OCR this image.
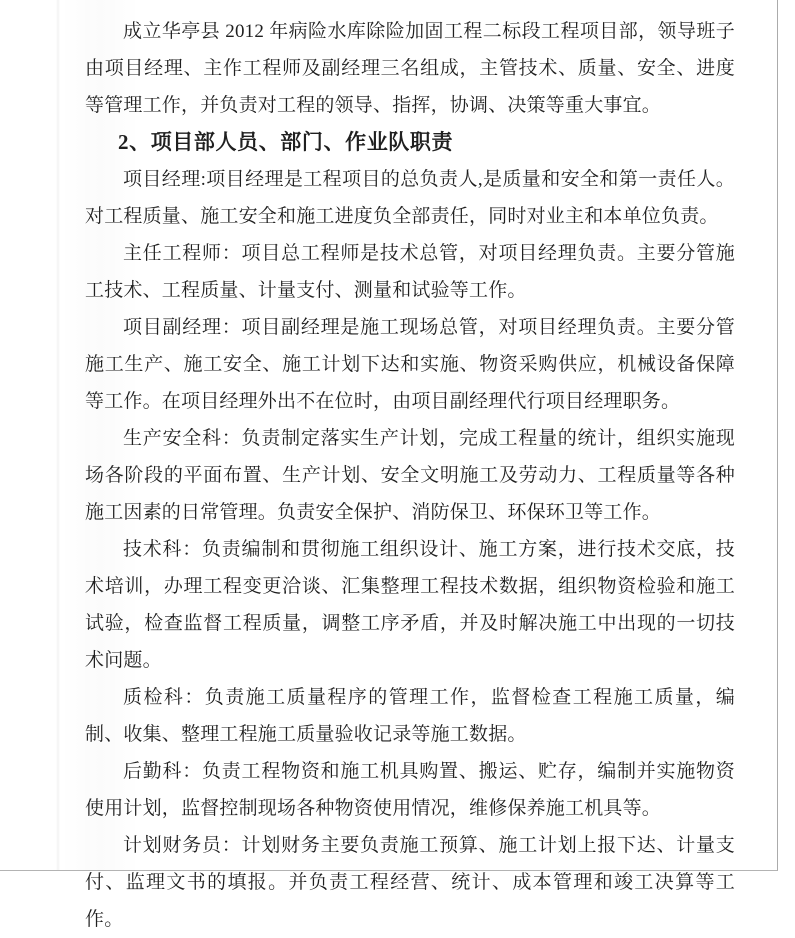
成立华亭县 2012 年病险水库除险加固工程二标段工程项目部，领导班子由项目经理、主作工程师及副经理三名组成，主管技术、质量、安全、进度等管理工作，并负责对工程的领导、指挥，协调、决策等重大事宜。

2、项目部人员、部门、作业队职责

项目经理:项目经理是工程项目的总负责人,是质量和安全和第一责任人。对工程质量、施工安全和施工进度负全部责任，同时对业主和本单位负责。

主任工程师：项目总工程师是技术总管，对项目经理负责。主要分管施工技术、工程质量、计量支付、测量和试验等工作。

项目副经理：项目副经理是施工现场总管，对项目经理负责。主要分管施工生产、施工安全、施工计划下达和实施、物资采购供应，机械设备保障等工作。在项目经理外出不在位时，由项目副经理代行项目经理职务。

生产安全科：负责制定落实生产计划，完成工程量的统计，组织实施现场各阶段的平面布置、生产计划、安全文明施工及劳动力、工程质量等各种施工因素的日常管理。负责安全保护、消防保卫、环保环卫等工作。

技术科：负责编制和贯彻施工组织设计、施工方案，进行技术交底，技术培训，办理工程变更洽谈、汇集整理工程技术数据，组织物资检验和施工试验，检查监督工程质量，调整工序矛盾，并及时解决施工中出现的一切技术问题。

质检科：负责施工质量程序的管理工作，监督检查工程施工质量，编制、收集、整理工程施工质量验收记录等施工数据。

后勤科：负责工程物资和施工机具购置、搬运、贮存，编制并实施物资使用计划，监督控制现场各种物资使用情况，维修保养施工机具等。

计划财务员：计划财务主要负责施工预算、施工计划上报下达、计量支付、监理文书的填报。并负责工程经营、统计、成本管理和竣工决算等工作。
